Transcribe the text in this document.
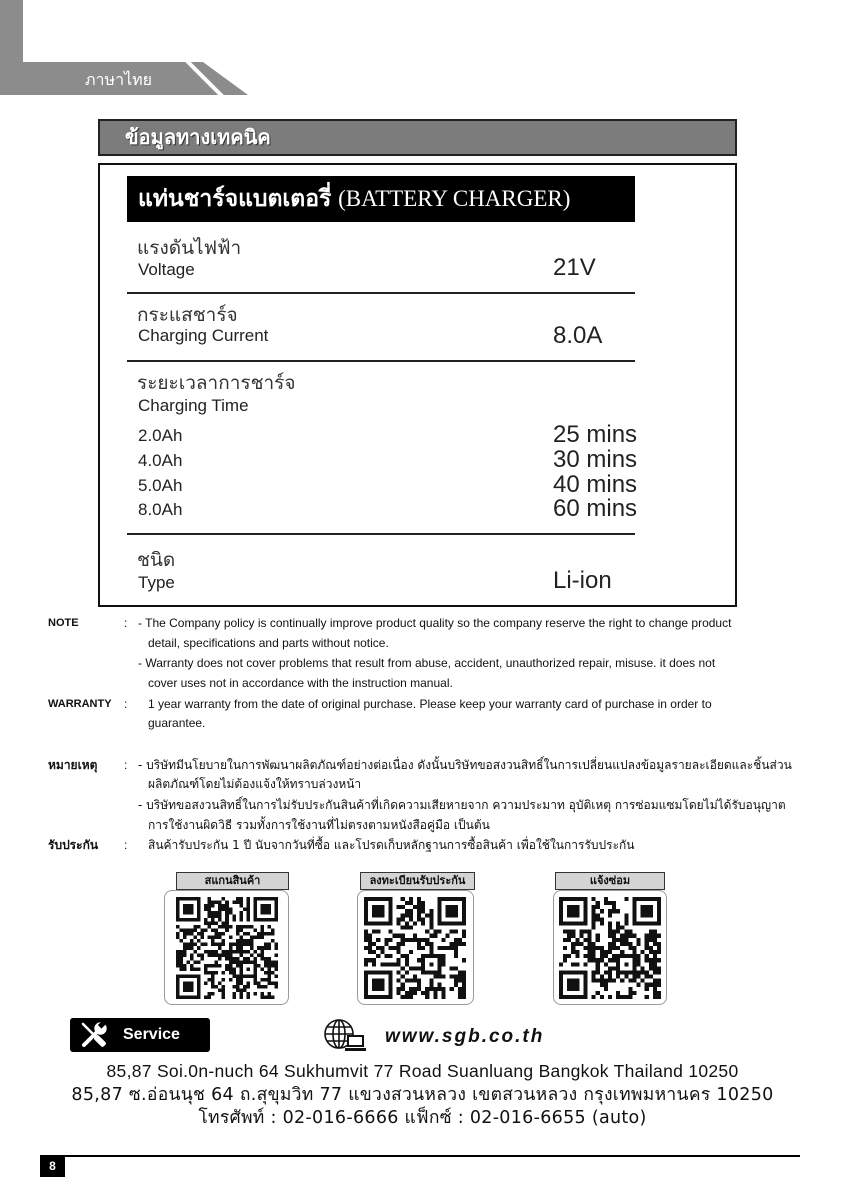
ภาษาไทย
ข้อมูลทางเทคนิค
แท่นชาร์จแบตเตอรี่ (BATTERY CHARGER)
แรงดันไฟฟ้า
Voltage	21V
กระแสชาร์จ
Charging Current	8.0A
ระยะเวลาการชาร์จ
Charging Time
2.0Ah	25 mins
4.0Ah	30 mins
5.0Ah	40 mins
8.0Ah	60 mins
ชนิด
Type	Li-ion
NOTE	: - The Company policy is continually improve product quality so the company reserve the right to change product
detail, specifications and parts without notice.
- Warranty does not cover problems that result from abuse, accident, unauthorized repair, misuse. it does not
cover uses not in accordance with the instruction manual.
WARRANTY : 1 year warranty from the date of original purchase. Please keep your warranty card of purchase in order to
guarantee.
หมายเหตุ	: - บริษัทมีนโยบายในการพัฒนาผลิตภัณฑ์อย่างต่อเนื่อง ดังนั้นบริษัทขอสงวนสิทธิ์ในการเปลี่ยนแปลงข้อมูลรายละเอียดและชิ้นส่วน
ผลิตภัณฑ์โดยไม่ต้องแจ้งให้ทราบล่วงหน้า
- บริษัทขอสงวนสิทธิ์ในการไม่รับประกันสินค้าที่เกิดความเสียหายจาก ความประมาท อุบัติเหตุ การซ่อมแซมโดยไม่ได้รับอนุญาต
การใช้งานผิดวิธี รวมทั้งการใช้งานที่ไม่ตรงตามหนังสือคู่มือ เป็นต้น
รับประกัน	: สินค้ารับประกัน 1 ปี นับจากวันที่ซื้อ และโปรดเก็บหลักฐานการซื้อสินค้า เพื่อใช้ในการรับประกัน
สแกนสินค้า	ลงทะเบียนรับประกัน	แจ้งซ่อม
Service	www.sgb.co.th
85,87 Soi.0n-nuch 64 Sukhumvit 77 Road Suanluang Bangkok Thailand 10250
85,87 ซ.อ่อนนุช 64 ถ.สุขุมวิท 77 แขวงสวนหลวง เขตสวนหลวง กรุงเทพมหานคร 10250
โทรศัพท์ : 02-016-6666 แฟ็กซ์ : 02-016-6655 (auto)
8
